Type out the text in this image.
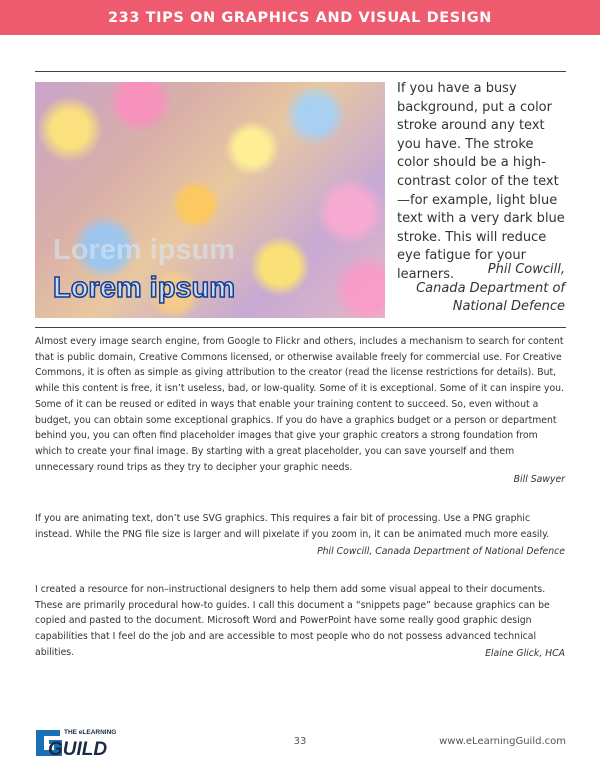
233 TIPS ON GRAPHICS AND VISUAL DESIGN
Lorem ipsum
Lorem ipsum
If you have a busy background, put a color stroke around any text you have. The stroke color should be a high-contrast color of the text—for example, light blue text with a very dark blue stroke. This will reduce eye fatigue for your learners.	Phil Cowcill,
Canada Department of
National Defence
Almost every image search engine, from Google to Flickr and others, includes a mechanism to search for content that is public domain, Creative Commons licensed, or otherwise available freely for commercial use. For Creative Commons, it is often as simple as giving attribution to the creator (read the license restrictions for details). But, while this content is free, it isn’t useless, bad, or low-quality. Some of it is exceptional. Some of it can inspire you. Some of it can be reused or edited in ways that enable your training content to succeed. So, even without a budget, you can obtain some exceptional graphics. If you do have a graphics budget or a person or department behind you, you can often find placeholder images that give your graphic creators a strong foundation from which to create your final image. By starting with a great placeholder, you can save yourself and them unnecessary round trips as they try to decipher your graphic needs.
Bill Sawyer
If you are animating text, don’t use SVG graphics. This requires a fair bit of processing. Use a PNG graphic instead. While the PNG file size is larger and will pixelate if you zoom in, it can be animated much more easily.
Phil Cowcill, Canada Department of National Defence
I created a resource for non–instructional designers to help them add some visual appeal to their documents. These are primarily procedural how-to guides. I call this document a “snippets page” because graphics can be copied and pasted to the document. Microsoft Word and PowerPoint have some really good graphic design capabilities that I feel do the job and are accessible to most people who do not possess advanced technical abilities.	Elaine Glick, HCA
THE eLEARNING
GUILD	33	www.eLearningGuild.com
